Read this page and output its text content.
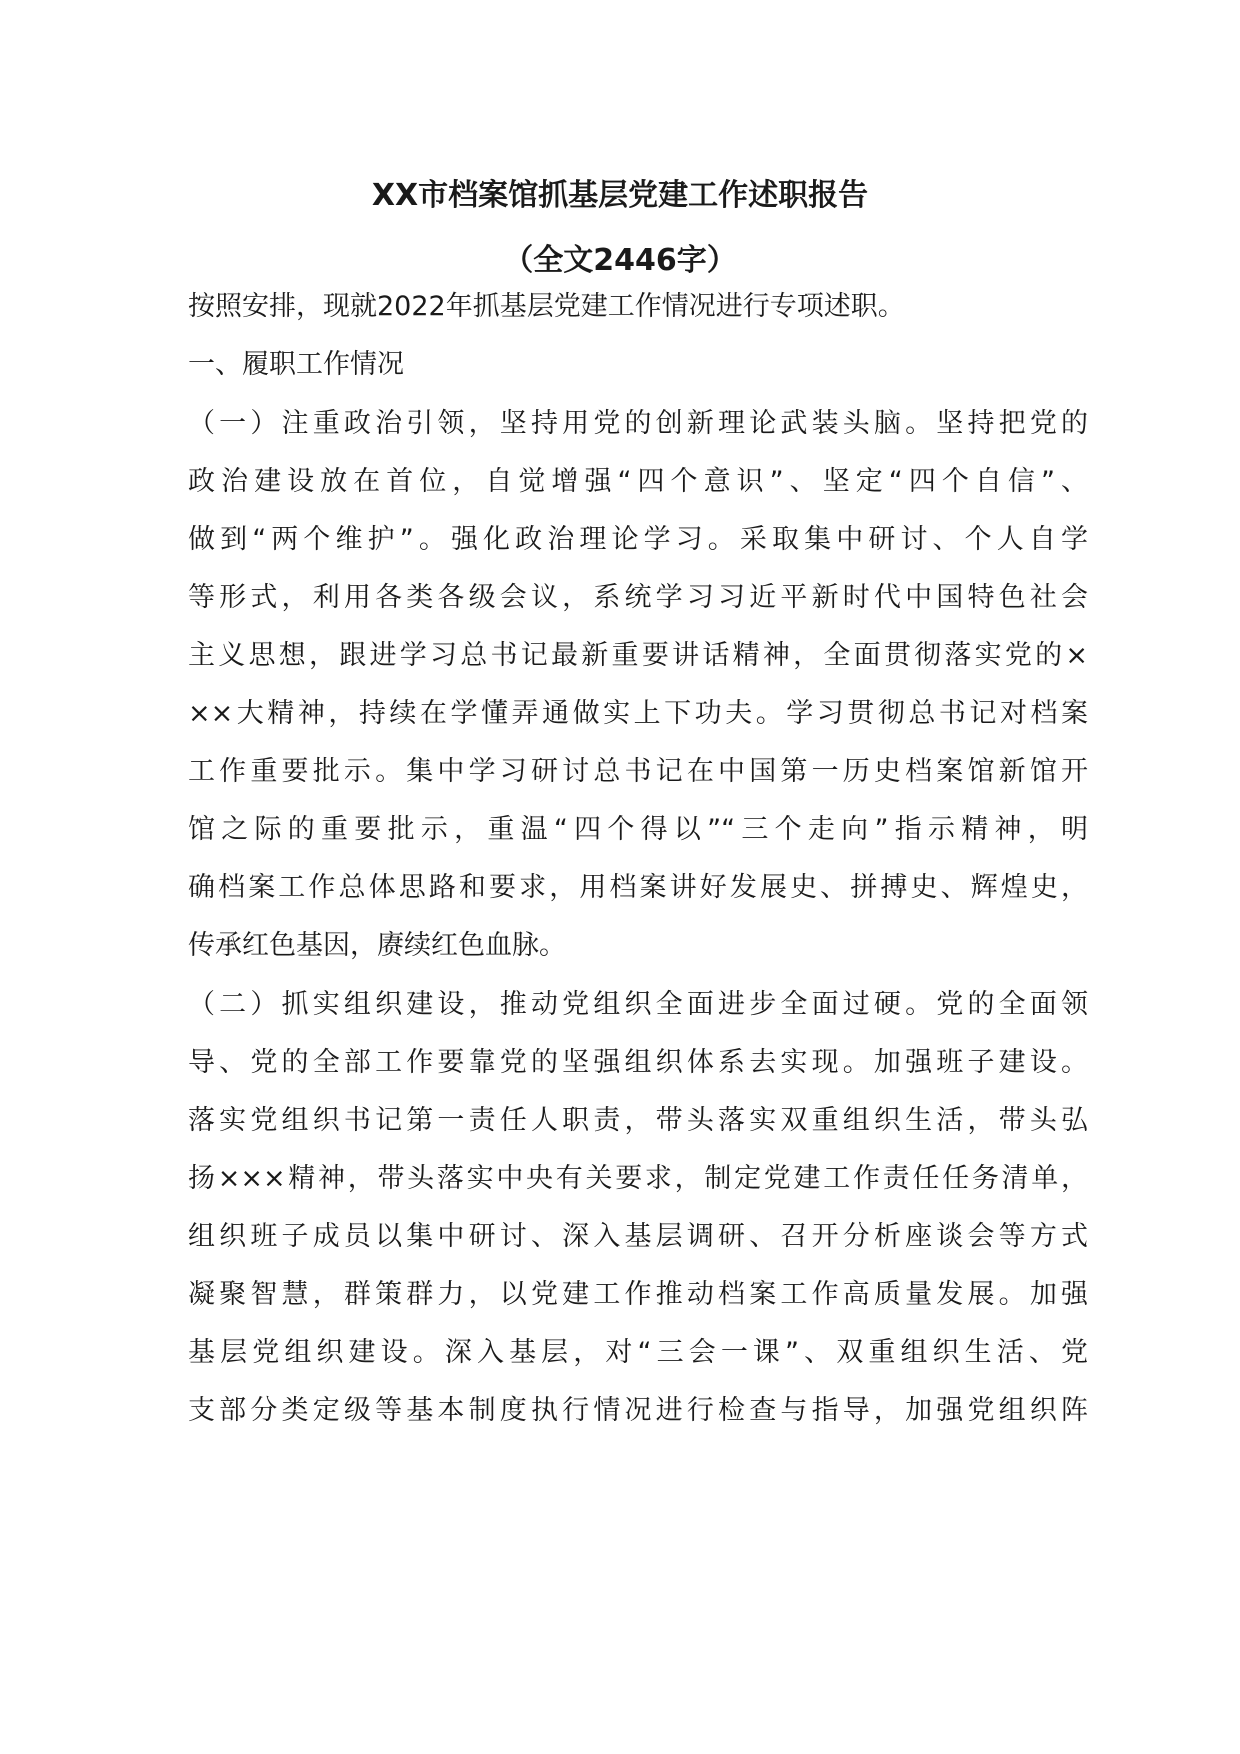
XX市档案馆抓基层党建工作述职报告
（全文2446字）
按照安排，现就2022年抓基层党建工作情况进行专项述职。
一、履职工作情况
（一）注重政治引领，坚持用党的创新理论武装头脑。坚持把党的
政治建设放在首位，自觉增强“四个意识”、坚定“四个自信”、
做到“两个维护”。强化政治理论学习。采取集中研讨、个人自学
等形式，利用各类各级会议，系统学习习近平新时代中国特色社会
主义思想，跟进学习总书记最新重要讲话精神，全面贯彻落实党的×
××大精神，持续在学懂弄通做实上下功夫。学习贯彻总书记对档案
工作重要批示。集中学习研讨总书记在中国第一历史档案馆新馆开
馆之际的重要批示，重温“四个得以”“三个走向”指示精神，明
确档案工作总体思路和要求，用档案讲好发展史、拼搏史、辉煌史，
传承红色基因，赓续红色血脉。
（二）抓实组织建设，推动党组织全面进步全面过硬。党的全面领
导、党的全部工作要靠党的坚强组织体系去实现。加强班子建设。
落实党组织书记第一责任人职责，带头落实双重组织生活，带头弘
扬×××精神，带头落实中央有关要求，制定党建工作责任任务清单，
组织班子成员以集中研讨、深入基层调研、召开分析座谈会等方式
凝聚智慧，群策群力，以党建工作推动档案工作高质量发展。加强
基层党组织建设。深入基层，对“三会一课”、双重组织生活、党
支部分类定级等基本制度执行情况进行检查与指导，加强党组织阵
